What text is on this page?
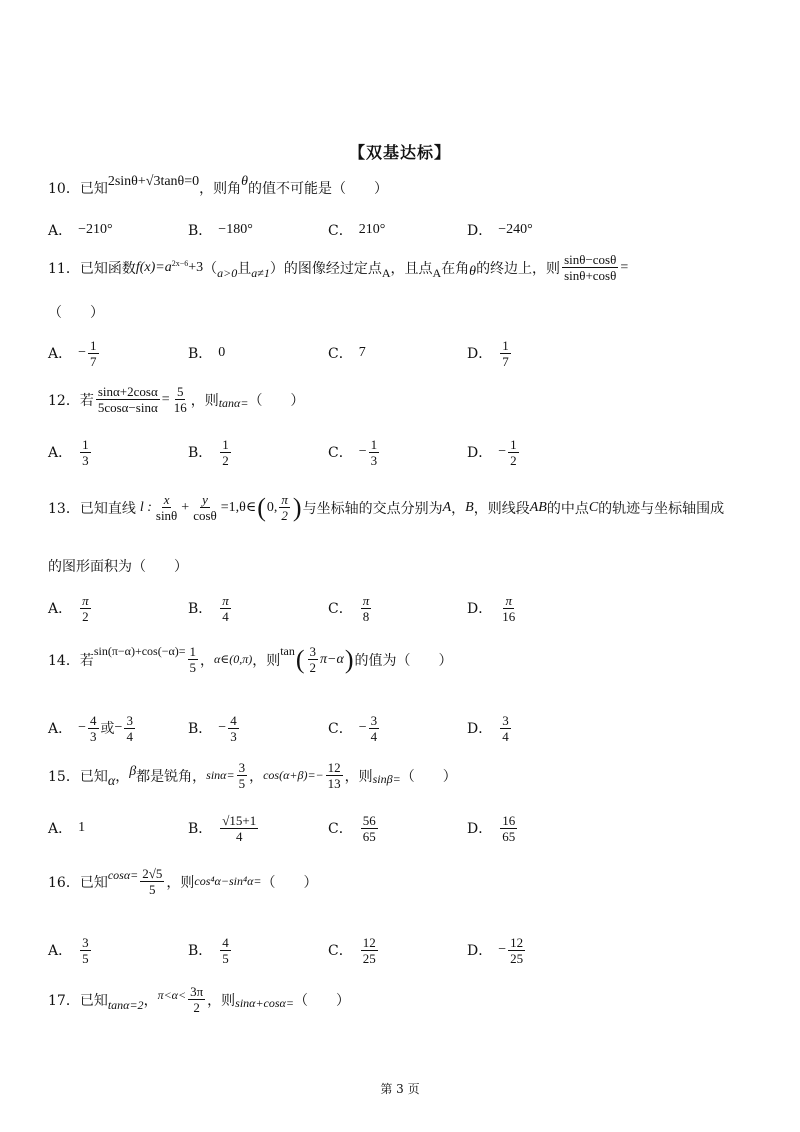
【双基达标】
10． 已知 2sinθ+√3tanθ=0 ，则角 θ 的值不可能是（　　）
A． −210°	B． −180°	C． 210°	D． −240°
11． 已知函数 $f(x)=a^{2x-6} +3$ （ a>0 且 a≠1 ） 的图像经过定点 A ，且点 A 在角 θ 的终边上，则 $\frac{\sin\theta-\cos\theta}{\sin\theta+\cos\theta}$ =
（　　）
A． − $\frac{1}{7}$	B． 0	C． 7	D． $\frac{1}{7}$
12． 若 $\frac{\sin\alpha+2\cos\alpha}{5\cos\alpha-\sin\alpha} = \frac{5}{16}$ ，则 tanα= （　　）
A． $\frac{1}{3}$	B． $\frac{1}{2}$	C． − $\frac{1}{3}$	D． − $\frac{1}{2}$
13． 已知直线 l : $\frac{x}{\sin\theta} + \frac{y}{\cos\theta}$ =1,θ∈ ( 0, $\frac{\pi}{2}$ ) 与坐标轴的交点分别为 A ， B ，则线段 AB 的中点 C 的轨迹与坐标轴围成
的图形面积为（　　）
A． $\frac{\pi}{2}$	B． $\frac{\pi}{4}$	C． $\frac{\pi}{8}$	D． $\frac{\pi}{16}$
14． 若
$\sin(\pi-\alpha)+\cos(-\alpha)= \frac{1}{5}$ ， α∈(0,π) ，则
tan ( $\frac{3}{2} \pi-\alpha$ ) 的值为（　　）
A． − $\frac{4}{3}$ 或 − $\frac{3}{4}$	B． − $\frac{4}{3}$	C． − $\frac{3}{4}$	D． $\frac{3}{4}$
15． 已知 α ， β 都是锐角， $\sin\alpha= \frac{3}{5}$ ， $\cos(\alpha+\beta)=- \frac{12}{13}$ ，则 sinβ= （　　）
A． 1	B． $\frac{√15+1}{4}$	C． $\frac{56}{65}$	D． $\frac{16}{65}$
16． 已知 $\cos\alpha= \frac{2√5}{5}$ ，则 cos⁴α−sin⁴α= （　　）
A． $\frac{3}{5}$	B． $\frac{4}{5}$	C． $\frac{12}{25}$	D． − $\frac{12}{25}$
17． 已知 tanα=2 ， $\pi<\alpha< \frac{3\pi}{2}$ ，则 sinα+cosα= （　　）
第 3 页
